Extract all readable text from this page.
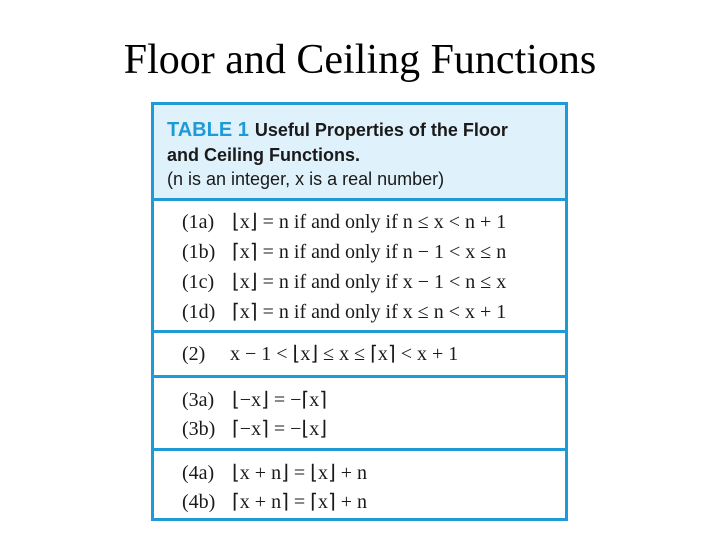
Floor and Ceiling Functions
TABLE 1 Useful Properties of the Floor
and Ceiling Functions.
(n is an integer, x is a real number)
(1a) ⌊x⌋ = n if and only if n ≤ x < n + 1
(1b) ⌈x⌉ = n if and only if n − 1 < x ≤ n
(1c) ⌊x⌋ = n if and only if x − 1 < n ≤ x
(1d) ⌈x⌉ = n if and only if x ≤ n < x + 1
(2) x − 1 < ⌊x⌋ ≤ x ≤ ⌈x⌉ < x + 1
(3a) ⌊−x⌋ = −⌈x⌉
(3b) ⌈−x⌉ = −⌊x⌋
(4a) ⌊x + n⌋ = ⌊x⌋ + n
(4b) ⌈x + n⌉ = ⌈x⌉ + n
